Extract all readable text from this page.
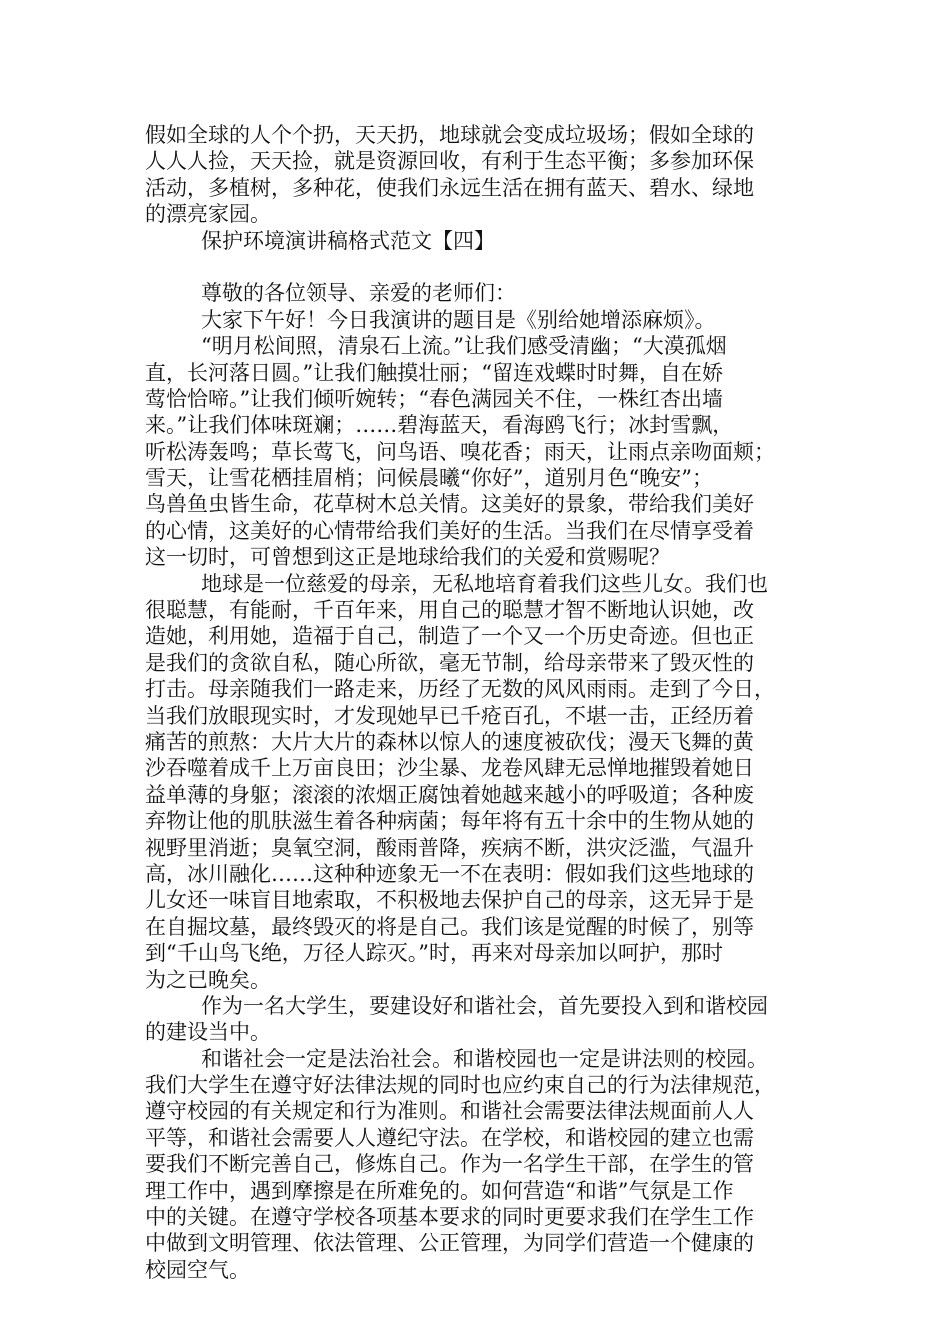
假如全球的人个个扔，天天扔，地球就会变成垃圾场；假如全球的
人人人捡，天天捡，就是资源回收，有利于生态平衡；多参加环保
活动，多植树，多种花，使我们永远生活在拥有蓝天、碧水、绿地
的漂亮家园。
保护环境演讲稿格式范文【四】
尊敬的各位领导、亲爱的老师们：
大家下午好！今日我演讲的题目是《别给她增添麻烦》。
“明月松间照，清泉石上流。”让我们感受清幽；“大漠孤烟
直，长河落日圆。”让我们触摸壮丽；“留连戏蝶时时舞，自在娇
莺恰恰啼。”让我们倾听婉转；“春色满园关不住，一株红杏出墙
来。”让我们体味斑斓；……碧海蓝天，看海鸥飞行；冰封雪飘，
听松涛轰鸣；草长莺飞，问鸟语、嗅花香；雨天，让雨点亲吻面颊；
雪天，让雪花栖挂眉梢；问候晨曦“你好”，道别月色“晚安”；
鸟兽鱼虫皆生命，花草树木总关情。这美好的景象，带给我们美好
的心情，这美好的心情带给我们美好的生活。当我们在尽情享受着
这一切时，可曾想到这正是地球给我们的关爱和赏赐呢？
地球是一位慈爱的母亲，无私地培育着我们这些儿女。我们也
很聪慧，有能耐，千百年来，用自己的聪慧才智不断地认识她，改
造她，利用她，造福于自己，制造了一个又一个历史奇迹。但也正
是我们的贪欲自私，随心所欲，毫无节制，给母亲带来了毁灭性的
打击。母亲随我们一路走来，历经了无数的风风雨雨。走到了今日，
当我们放眼现实时，才发现她早已千疮百孔，不堪一击，正经历着
痛苦的煎熬：大片大片的森林以惊人的速度被砍伐；漫天飞舞的黄
沙吞噬着成千上万亩良田；沙尘暴、龙卷风肆无忌惮地摧毁着她日
益单薄的身躯；滚滚的浓烟正腐蚀着她越来越小的呼吸道；各种废
弃物让他的肌肤滋生着各种病菌；每年将有五十余中的生物从她的
视野里消逝；臭氧空洞，酸雨普降，疾病不断，洪灾泛滥，气温升
高，冰川融化……这种种迹象无一不在表明：假如我们这些地球的
儿女还一味盲目地索取，不积极地去保护自己的母亲，这无异于是
在自掘坟墓，最终毁灭的将是自己。我们该是觉醒的时候了，别等
到“千山鸟飞绝，万径人踪灭。”时，再来对母亲加以呵护，那时
为之已晚矣。
作为一名大学生，要建设好和谐社会，首先要投入到和谐校园
的建设当中。
和谐社会一定是法治社会。和谐校园也一定是讲法则的校园。
我们大学生在遵守好法律法规的同时也应约束自己的行为法律规范，
遵守校园的有关规定和行为准则。和谐社会需要法律法规面前人人
平等，和谐社会需要人人遵纪守法。在学校，和谐校园的建立也需
要我们不断完善自己，修炼自己。作为一名学生干部，在学生的管
理工作中，遇到摩擦是在所难免的。如何营造“和谐”气氛是工作
中的关键。在遵守学校各项基本要求的同时更要求我们在学生工作
中做到文明管理、依法管理、公正管理，为同学们营造一个健康的
校园空气。
